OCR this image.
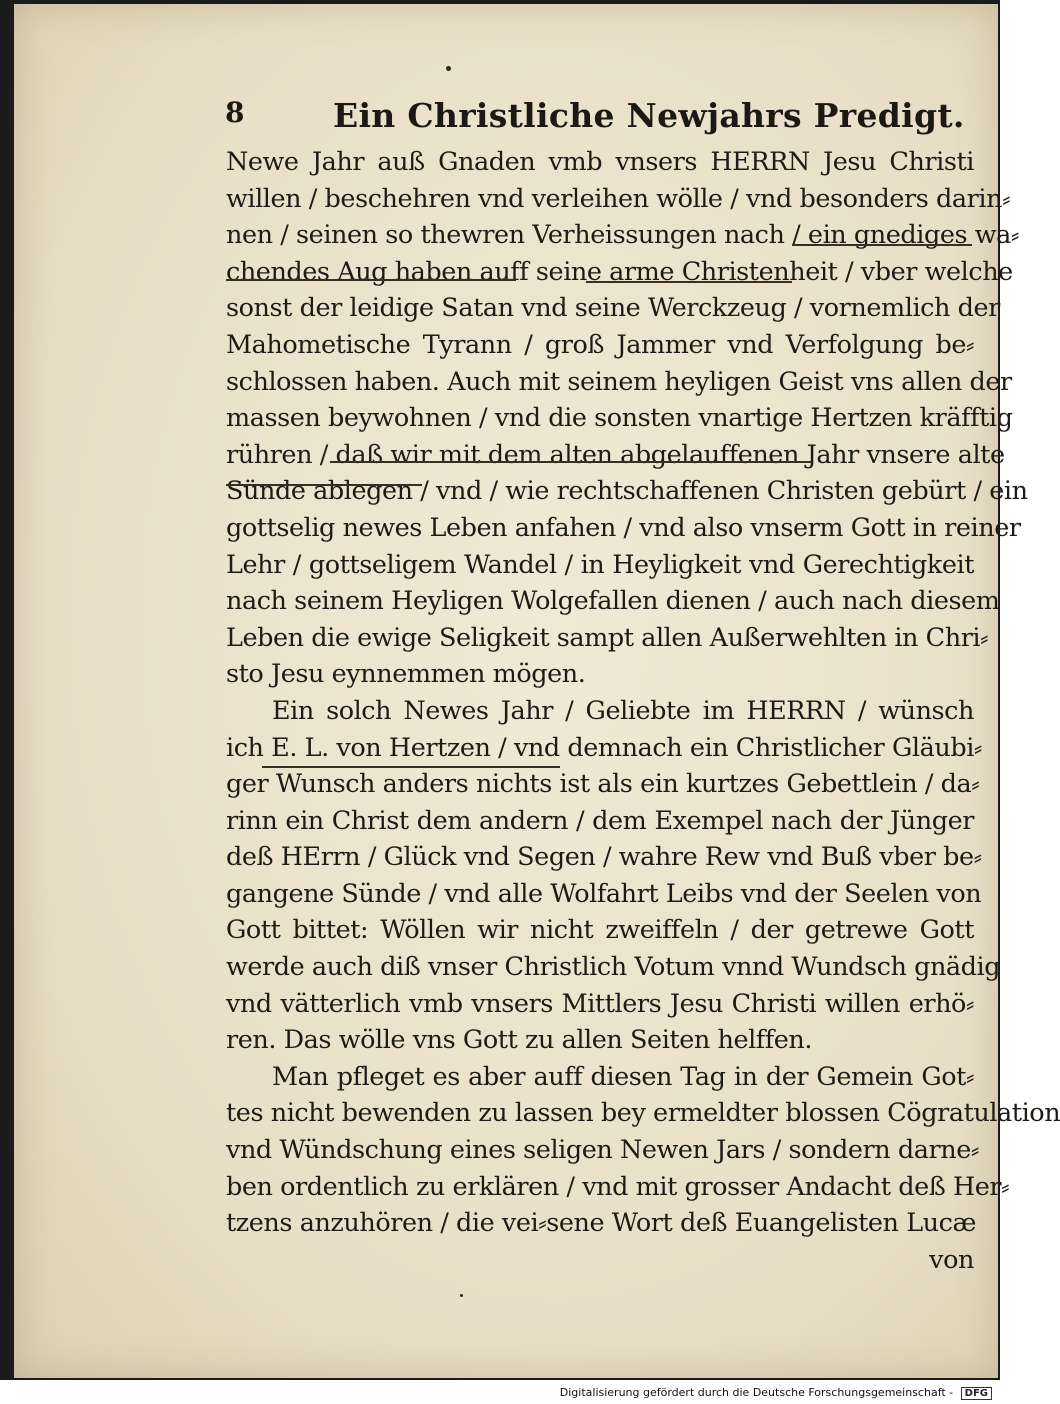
8	Ein Christliche Newjahrs Predigt.
Newe Jahr auß Gnaden vmb vnsers HERRN Jesu Christi
willen / beschehren vnd verleihen wölle / vnd besonders darin⸗
nen / seinen so thewren Verheissungen nach / ein gnediges wa⸗
chendes Aug haben auff seine arme Christenheit / vber welche
sonst der leidige Satan vnd seine Werckzeug / vornemlich der
Mahometische Tyrann / groß Jammer vnd Verfolgung be⸗
schlossen haben. Auch mit seinem heyligen Geist vns allen der
massen beywohnen / vnd die sonsten vnartige Hertzen kräfftig
rühren / daß wir mit dem alten abgelauffenen Jahr vnsere alte
Sünde ablegen / vnd / wie rechtschaffenen Christen gebürt / ein
gottselig newes Leben anfahen / vnd also vnserm Gott in reiner
Lehr / gottseligem Wandel / in Heyligkeit vnd Gerechtigkeit
nach seinem Heyligen Wolgefallen dienen / auch nach diesem
Leben die ewige Seligkeit sampt allen Außerwehlten in Chri⸗
sto Jesu eynnemmen mögen.
Ein solch Newes Jahr / Geliebte im HERRN / wünsch
ich E. L. von Hertzen / vnd demnach ein Christlicher Gläubi⸗
ger Wunsch anders nichts ist als ein kurtzes Gebettlein / da⸗
rinn ein Christ dem andern / dem Exempel nach der Jünger
deß HErrn / Glück vnd Segen / wahre Rew vnd Buß vber be⸗
gangene Sünde / vnd alle Wolfahrt Leibs vnd der Seelen von
Gott bittet: Wöllen wir nicht zweiffeln / der getrewe Gott
werde auch diß vnser Christlich Votum vnnd Wundsch gnädig
vnd vätterlich vmb vnsers Mittlers Jesu Christi willen erhö⸗
ren. Das wölle vns Gott zu allen Seiten helffen.
Man pfleget es aber auff diesen Tag in der Gemein Got⸗
tes nicht bewenden zu lassen bey ermeldter blossen Cögratulation
vnd Wündschung eines seligen Newen Jars / sondern darne⸗
ben ordentlich zu erklären / vnd mit grosser Andacht deß Her⸗
tzens anzuhören / die vei⸗sene Wort deß Euangelisten Lucæ
von
Digitalisierung gefördert durch die Deutsche Forschungsgemeinschaft - DFG
